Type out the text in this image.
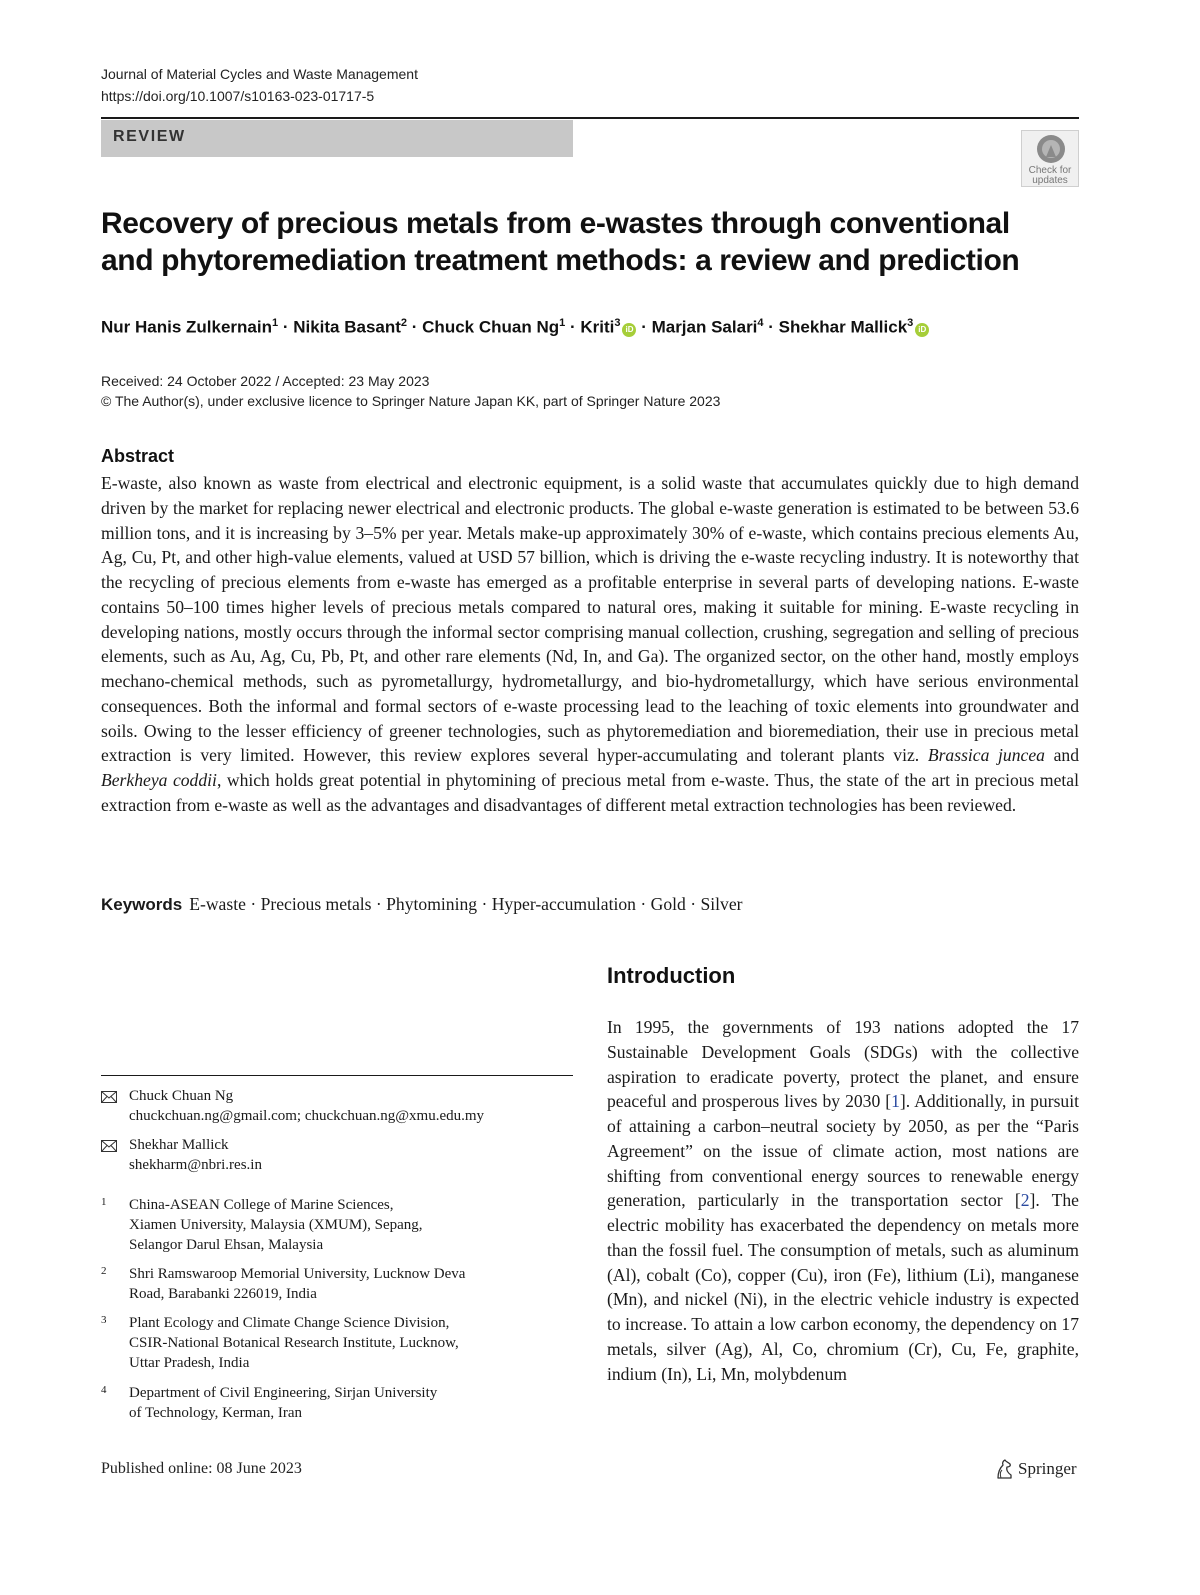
Journal of Material Cycles and Waste Management
https://doi.org/10.1007/s10163-023-01717-5
REVIEW
Check for
updates
Recovery of precious metals from e-wastes through conventional
and phytoremediation treatment methods: a review and prediction
Nur Hanis Zulkernain$^1$ · Nikita Basant$^2$ · Chuck Chuan $Ng^1$ · Kriti$^3$iD · Marjan Salari$^4$ · Shekhar Mallick$^3$iD
Received: 24 October 2022 / Accepted: 23 May 2023
© The Author(s), under exclusive licence to Springer Nature Japan KK, part of Springer Nature 2023
Abstract

E-waste, also known as waste from electrical and electronic equipment, is a solid waste that accumulates quickly due to high demand driven by the market for replacing newer electrical and electronic products. The global e-waste generation is estimated to be between 53.6 million tons, and it is increasing by 3–5% per year. Metals make-up approximately 30% of e-waste, which contains precious elements Au, Ag, Cu, Pt, and other high-value elements, valued at USD 57 billion, which is driving the e-waste recycling industry. It is noteworthy that the recycling of precious elements from e-waste has emerged as a profitable enterprise in several parts of developing nations. E-waste contains 50–100 times higher levels of precious metals compared to natural ores, making it suitable for mining. E-waste recycling in developing nations, mostly occurs through the informal sector comprising manual collection, crushing, segregation and selling of precious elements, such as Au, Ag, Cu, Pb, Pt, and other rare elements (Nd, In, and Ga). The organized sector, on the other hand, mostly employs mechano-chemical methods, such as pyrometallurgy, hydrometallurgy, and bio-hydrometallurgy, which have serious environmental consequences. Both the informal and formal sectors of e-waste processing lead to the leaching of toxic elements into groundwater and soils. Owing to the lesser efficiency of greener technologies, such as phytoremediation and bioremediation, their use in precious metal extraction is very limited. However, this review explores several hyper-accumulating and tolerant plants viz. Brassica juncea and Berkheya coddii, which holds great potential in phytomining of precious metal from e-waste. Thus, the state of the art in precious metal extraction from e-waste as well as the advantages and disadvantages of different metal extraction technologies has been reviewed.

Keywords E-waste · Precious metals · Phytomining · Hyper-accumulation · Gold · Silver
Introduction

In 1995, the governments of 193 nations adopted the 17 Sustainable Development Goals (SDGs) with the collective aspiration to eradicate poverty, protect the planet, and ensure peaceful and prosperous lives by 2030 [1]. Additionally, in pursuit of attaining a carbon–neutral society by 2050, as per the “Paris Agreement” on the issue of climate action, most nations are shifting from conventional energy sources to renewable energy generation, particularly in the transportation sector [2]. The electric mobility has exacerbated the dependency on metals more than the fossil fuel. The consumption of metals, such as aluminum (Al), cobalt (Co), copper (Cu), iron (Fe), lithium (Li), manganese (Mn), and nickel (Ni), in the electric vehicle industry is expected to increase. To attain a low carbon economy, the dependency on 17 metals, silver (Ag), Al, Co, chromium (Cr), Cu, Fe, graphite, indium (In), Li, Mn, molybdenum

Chuck Chuan Ng
chuckchuan.ng@gmail.com; chuckchuan.ng@xmu.edu.my
Shekhar Mallick
shekharm@nbri.res.in
1 China-ASEAN College of Marine Sciences,
Xiamen University, Malaysia (XMUM), Sepang,
Selangor Darul Ehsan, Malaysia
2 Shri Ramswaroop Memorial University, Lucknow Deva
Road, Barabanki 226019, India
3 Plant Ecology and Climate Change Science Division,
CSIR-National Botanical Research Institute, Lucknow,
Uttar Pradesh, India
4 Department of Civil Engineering, Sirjan University
of Technology, Kerman, Iran
Published online: 08 June 2023	Springer
